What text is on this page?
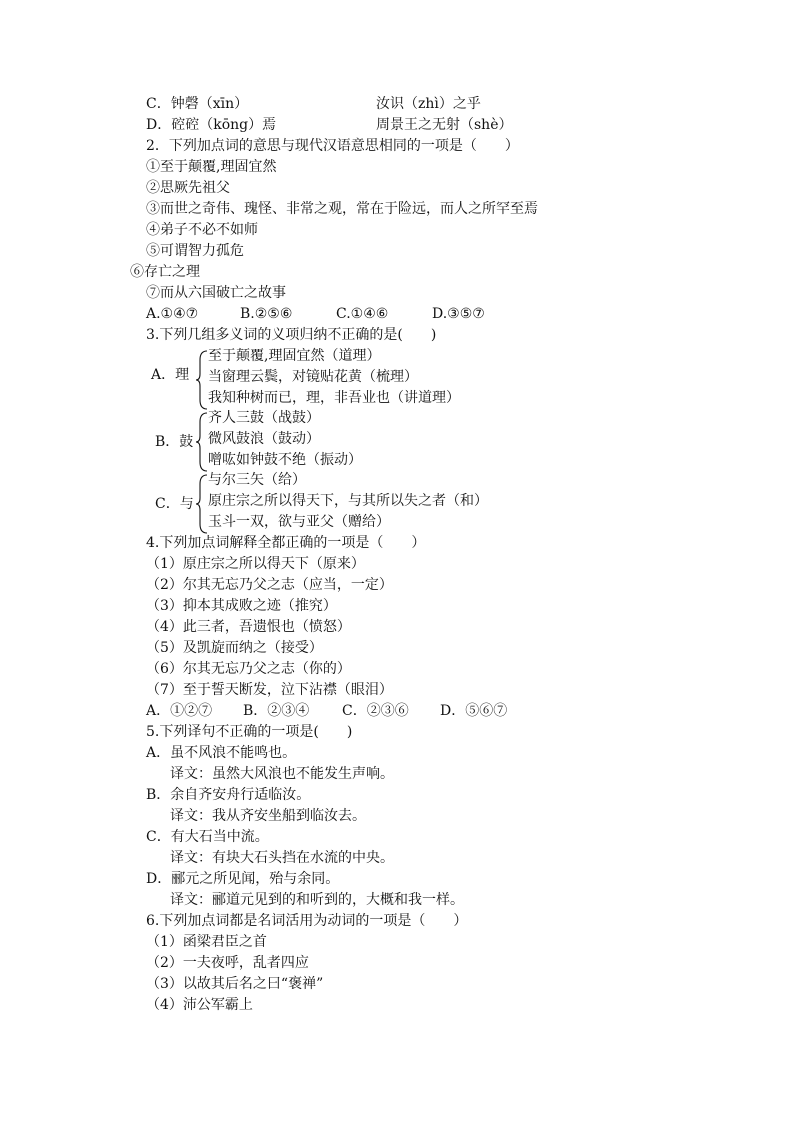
C．钟磬（xīn）	汝识（zhì）之乎
D．硿硿（kōng）焉	周景王之无射（shè）
2．下列加点词的意思与现代汉语意思相同的一项是（　　）
①至于颠覆,理固宜然
②思厥先祖父
③而世之奇伟、瑰怪、非常之观，常在于险远，而人之所罕至焉
④弟子不必不如师
⑤可谓智力孤危
⑥存亡之理
⑦而从六国破亡之故事
A.①④⑦	B.②⑤⑥	C.①④⑥	D.③⑤⑦
3.下列几组多义词的义项归纳不正确的是(　　)
A．理
至于颠覆,理固宜然（道理）
当窗理云鬓，对镜贴花黄（梳理）
我知种树而已，理，非吾业也（讲道理）
B．鼓
齐人三鼓（战鼓）
微风鼓浪（鼓动）
噌吰如钟鼓不绝（振动）
C．与
与尔三矢（给）
原庄宗之所以得天下，与其所以失之者（和）
玉斗一双，欲与亚父（赠给）
4.下列加点词解释全都正确的一项是（　　）
（1）原庄宗之所以得天下（原来）
（2）尔其无忘乃父之志（应当，一定）
（3）抑本其成败之迹（推究）
（4）此三者，吾遗恨也（愤怒）
（5）及凯旋而纳之（接受）
（6）尔其无忘乃父之志（你的）
（7）至于誓天断发，泣下沾襟（眼泪）
A．①②⑦ B．②③④ C．②③⑥ D．⑤⑥⑦
5.下列译句不正确的一项是(　　)
A．虽不风浪不能鸣也。
译文：虽然大风浪也不能发生声响。
B．余自齐安舟行适临汝。
译文：我从齐安坐船到临汝去。
C．有大石当中流。
译文：有块大石头挡在水流的中央。
D．郦元之所见闻，殆与余同。
译文：郦道元见到的和听到的，大概和我一样。
6.下列加点词都是名词活用为动词的一项是（　　）
（1）函梁君臣之首
（2）一夫夜呼，乱者四应
（3）以故其后名之曰“褒禅”
（4）沛公军霸上
